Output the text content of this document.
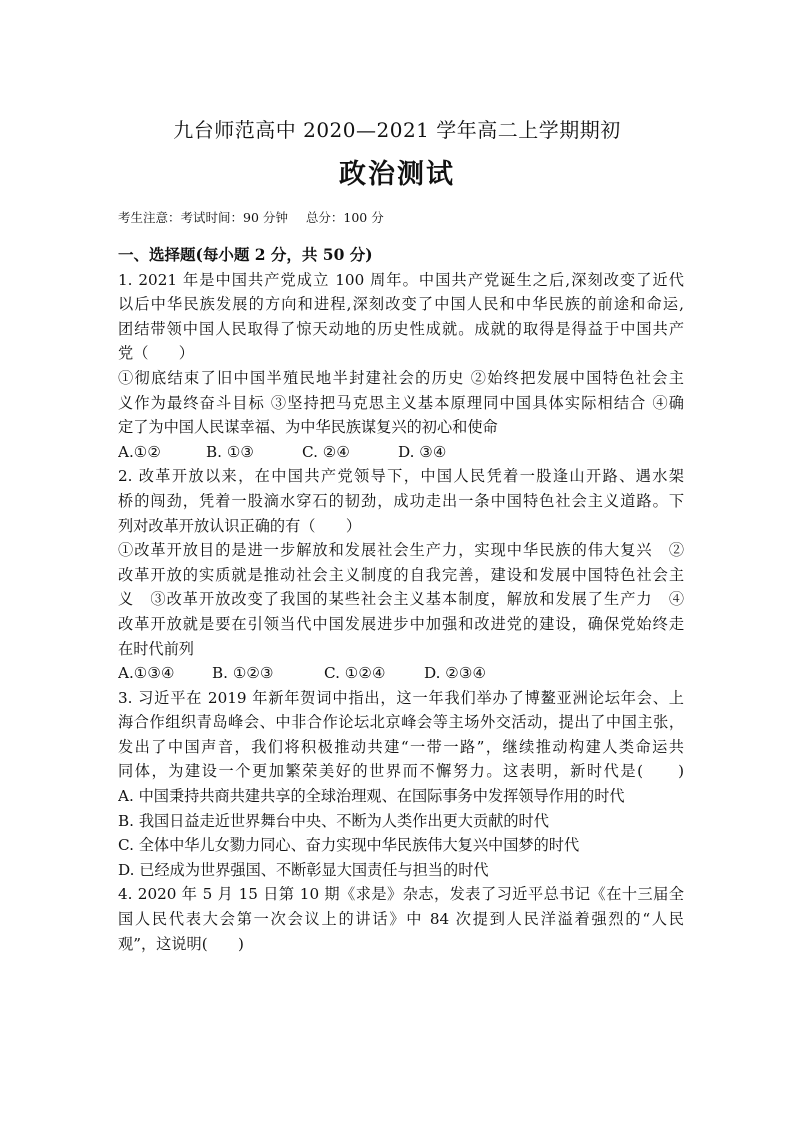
九台师范高中 2020—2021 学年高二上学期期初
政治测试
考生注意：考试时间：90 分钟 总分：100 分
一、选择题(每小题 2 分，共 50 分)
1. 2021 年是中国共产党成立 100 周年。中国共产党诞生之后,深刻改变了近代
以后中华民族发展的方向和进程,深刻改变了中国人民和中华民族的前途和命运,
团结带领中国人民取得了惊天动地的历史性成就。成就的取得是得益于中国共产
党（　　）
①彻底结束了旧中国半殖民地半封建社会的历史 ②始终把发展中国特色社会主
义作为最终奋斗目标 ③坚持把马克思主义基本原理同中国具体实际相结合 ④确
定了为中国人民谋幸福、为中华民族谋复兴的初心和使命
A.①②	B. ①③	C. ②④	D. ③④
2. 改革开放以来，在中国共产党领导下，中国人民凭着一股逢山开路、遇水架
桥的闯劲，凭着一股滴水穿石的韧劲，成功走出一条中国特色社会主义道路。下
列对改革开放认识正确的有（　　）
①改革开放目的是进一步解放和发展社会生产力，实现中华民族的伟大复兴　②
改革开放的实质就是推动社会主义制度的自我完善，建设和发展中国特色社会主
义　③改革开放改变了我国的某些社会主义基本制度，解放和发展了生产力　④
改革开放就是要在引领当代中国发展进步中加强和改进党的建设，确保党始终走
在时代前列
A.①③④ B. ①②③	C. ①②④	D. ②③④
3. 习近平在 2019 年新年贺词中指出，这一年我们举办了博鳌亚洲论坛年会、上
海合作组织青岛峰会、中非合作论坛北京峰会等主场外交活动，提出了中国主张，
发出了中国声音，我们将积极推动共建“一带一路”，继续推动构建人类命运共
同体，为建设一个更加繁荣美好的世界而不懈努力。这表明，新时代是(　　)
A. 中国秉持共商共建共享的全球治理观、在国际事务中发挥领导作用的时代
B. 我国日益走近世界舞台中央、不断为人类作出更大贡献的时代
C. 全体中华儿女勠力同心、奋力实现中华民族伟大复兴中国梦的时代
D. 已经成为世界强国、不断彰显大国责任与担当的时代
4. 2020 年 5 月 15 日第 10 期《求是》杂志，发表了习近平总书记《在十三届全
国人民代表大会第一次会议上的讲话》中 84 次提到人民洋溢着强烈的“人民
观”，这说明(　　)
